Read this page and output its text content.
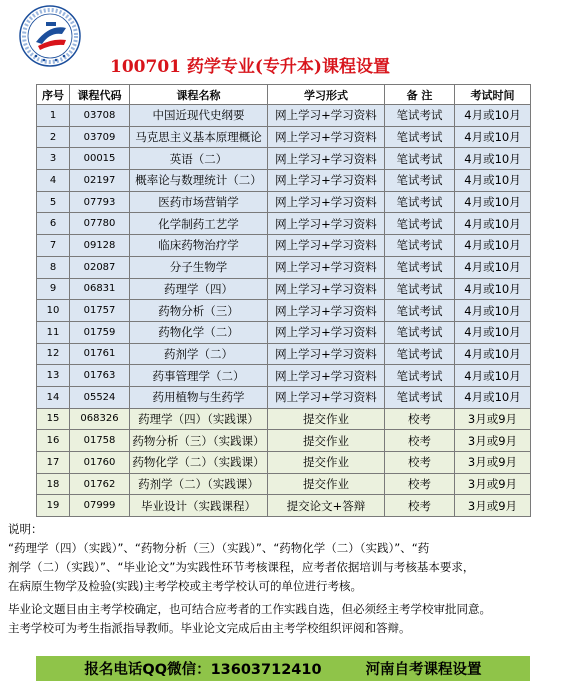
100701 药学专业(专升本)课程设置
序号	课程代码	课程名称	学习形式	备 注	考试时间
1	03708	中国近现代史纲要	网上学习+学习资料	笔试考试	4月或10月
2	03709	马克思主义基本原理概论	网上学习+学习资料	笔试考试	4月或10月
3	00015	英语（二）	网上学习+学习资料	笔试考试	4月或10月
4	02197	概率论与数理统计（二）	网上学习+学习资料	笔试考试	4月或10月
5	07793	医药市场营销学	网上学习+学习资料	笔试考试	4月或10月
6	07780	化学制药工艺学	网上学习+学习资料	笔试考试	4月或10月
7	09128	临床药物治疗学	网上学习+学习资料	笔试考试	4月或10月
8	02087	分子生物学	网上学习+学习资料	笔试考试	4月或10月
9	06831	药理学（四）	网上学习+学习资料	笔试考试	4月或10月
10	01757	药物分析（三）	网上学习+学习资料	笔试考试	4月或10月
11	01759	药物化学（二）	网上学习+学习资料	笔试考试	4月或10月
12	01761	药剂学（二）	网上学习+学习资料	笔试考试	4月或10月
13	01763	药事管理学（二）	网上学习+学习资料	笔试考试	4月或10月
14	05524	药用植物与生药学	网上学习+学习资料	笔试考试	4月或10月
15	068326	药理学（四）（实践课）	提交作业	校考	3月或9月
16	01758	药物分析（三）（实践课）	提交作业	校考	3月或9月
17	01760	药物化学（二）（实践课）	提交作业	校考	3月或9月
18	01762	药剂学（二）（实践课）	提交作业	校考	3月或9月
19	07999	毕业设计（实践课程）	提交论文+答辩	校考	3月或9月

说明：

“药理学（四）（实践）”、“药物分析（三）（实践）”、“药物化学（二）（实践）”、“药

剂学（二）（实践）”、“毕业论文”为实践性环节考核课程，应考者依据培训与考核基本要求，

在病原生物学及检验(实践)主考学校或主考学校认可的单位进行考核。

毕业论文题目由主考学校确定，也可结合应考者的工作实践自选，但必须经主考学校审批同意。

主考学校可为考生指派指导教师。毕业论文完成后由主考学校组织评阅和答辩。

报名电话QQ微信：13603712410	河南自考课程设置
